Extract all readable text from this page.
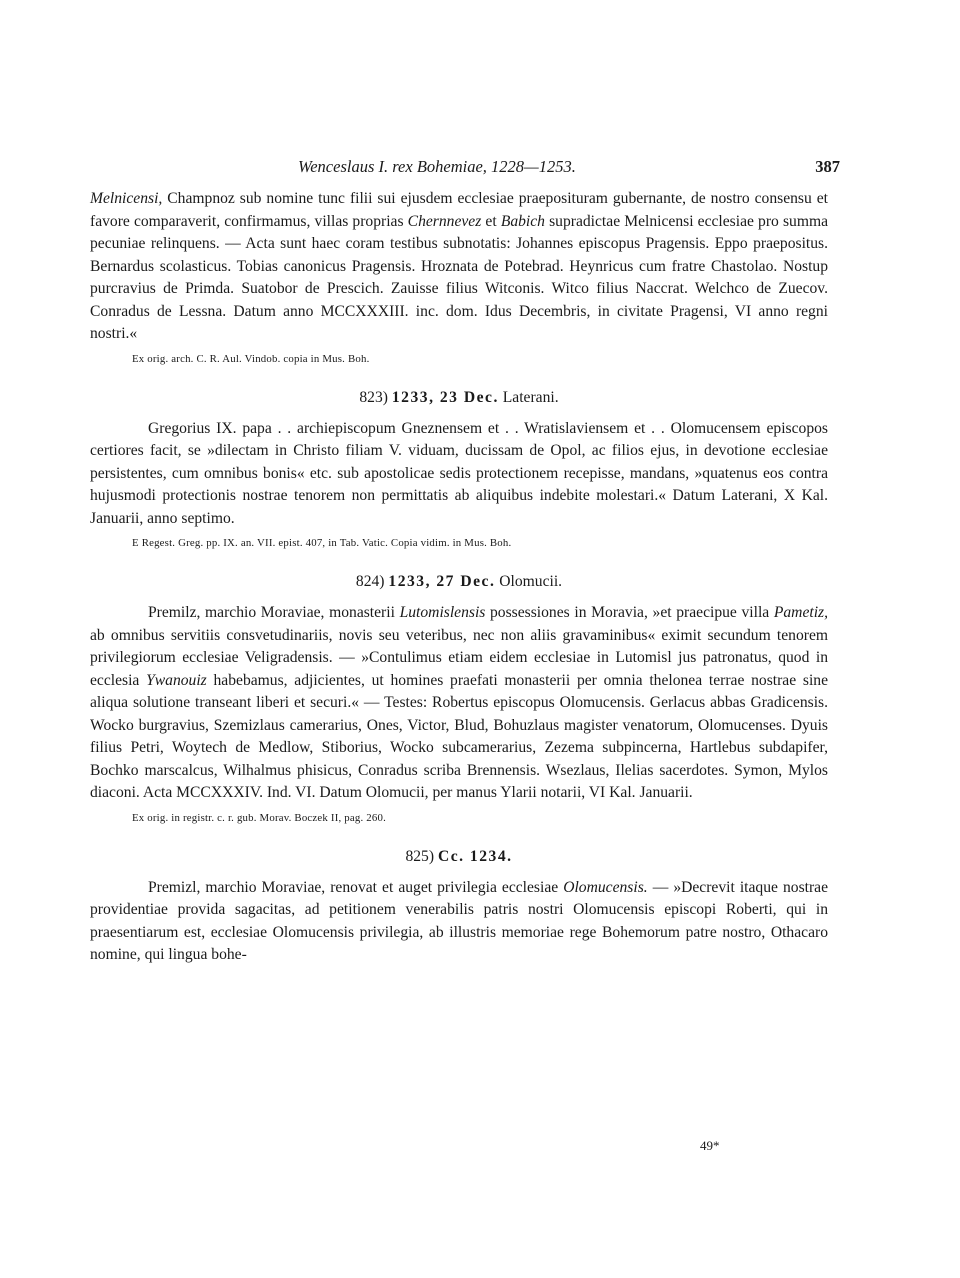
Wenceslaus I. rex Bohemiae, 1228—1253.	387

Melnicensi, Champnoz sub nomine tunc filii sui ejusdem ecclesiae praeposituram gubernante, de nostro consensu et favore comparaverit, confirmamus, villas proprias Chernnevez et Babich supradictae Melnicensi ecclesiae pro summa pecuniae relinquens. — Acta sunt haec coram testibus subnotatis: Johannes episcopus Pragensis. Eppo praepositus. Bernardus scolasticus. Tobias canonicus Pragensis. Hroznata de Potebrad. Heynricus cum fratre Chastolao. Nostup purcravius de Primda. Suatobor de Prescich. Zauisse filius Witconis. Witco filius Naccrat. Welchco de Zuecov. Conradus de Lessna. Datum anno MCCXXXIII. inc. dom. Idus Decembris, in civitate Pragensi, VI anno regni nostri.«

Ex orig. arch. C. R. Aul. Vindob. copia in Mus. Boh.

823) 1233, 23 Dec. Laterani.

Gregorius IX. papa . . archiepiscopum Gneznensem et . . Wratislaviensem et . . Olomucensem episcopos certiores facit, se »dilectam in Christo filiam V. viduam, ducissam de Opol, ac filios ejus, in devotione ecclesiae persistentes, cum omnibus bonis« etc. sub apostolicae sedis protectionem recepisse, mandans, »quatenus eos contra hujusmodi protectionis nostrae tenorem non permittatis ab aliquibus indebite molestari.« Datum Laterani, X Kal. Januarii, anno septimo.

E Regest. Greg. pp. IX. an. VII. epist. 407, in Tab. Vatic. Copia vidim. in Mus. Boh.

824) 1233, 27 Dec. Olomucii.

Premilz, marchio Moraviae, monasterii Lutomislensis possessiones in Moravia, »et praecipue villa Pametiz, ab omnibus servitiis consvetudinariis, novis seu veteribus, nec non aliis gravaminibus« eximit secundum tenorem privilegiorum ecclesiae Veligradensis. — »Contulimus etiam eidem ecclesiae in Lutomisl jus patronatus, quod in ecclesia Ywanouiz habebamus, adjicientes, ut homines praefati monasterii per omnia thelonea terrae nostrae sine aliqua solutione transeant liberi et securi.« — Testes: Robertus episcopus Olomucensis. Gerlacus abbas Gradicensis. Wocko burgravius, Szemizlaus camerarius, Ones, Victor, Blud, Bohuzlaus magister venatorum, Olomucenses. Dyuis filius Petri, Woytech de Medlow, Stiborius, Wocko subcamerarius, Zezema subpincerna, Hartlebus subdapifer, Bochko marscalcus, Wilhalmus phisicus, Conradus scriba Brennensis. Wsezlaus, Ilelias sacerdotes. Symon, Mylos diaconi. Acta MCCXXXIV. Ind. VI. Datum Olomucii, per manus Ylarii notarii, VI Kal. Januarii.

Ex orig. in registr. c. r. gub. Morav. Boczek II, pag. 260.

825) Cc. 1234.

Premizl, marchio Moraviae, renovat et auget privilegia ecclesiae Olomucensis. — »Decrevit itaque nostrae providentiae provida sagacitas, ad petitionem venerabilis patris nostri Olomucensis episcopi Roberti, qui in praesentiarum est, ecclesiae Olomucensis privilegia, ab illustris memoriae rege Bohemorum patre nostro, Othacaro nomine, qui lingua bohe-

49*
